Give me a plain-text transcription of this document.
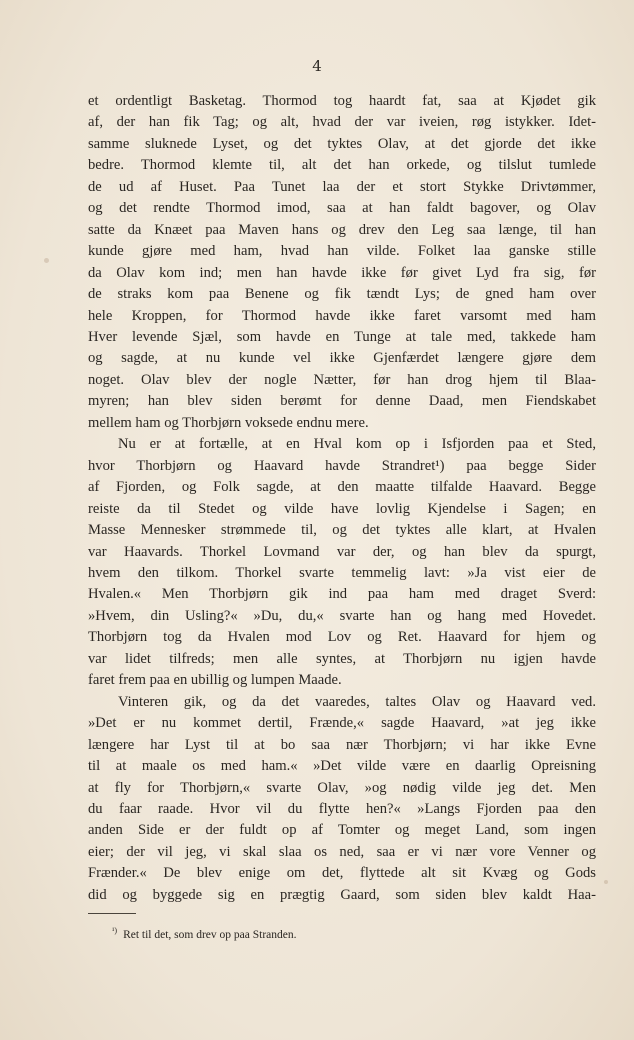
4
et ordentligt Basketag. Thormod tog haardt fat, saa at Kjødet gik
af, der han fik Tag; og alt, hvad der var iveien, røg istykker. Idet-
samme sluknede Lyset, og det tyktes Olav, at det gjorde det ikke
bedre. Thormod klemte til, alt det han orkede, og tilslut tumlede
de ud af Huset. Paa Tunet laa der et stort Stykke Drivtømmer,
og det rendte Thormod imod, saa at han faldt bagover, og Olav
satte da Knæet paa Maven hans og drev den Leg saa længe, til han
kunde gjøre med ham, hvad han vilde. Folket laa ganske stille
da Olav kom ind; men han havde ikke før givet Lyd fra sig, før
de straks kom paa Benene og fik tændt Lys; de gned ham over
hele Kroppen, for Thormod havde ikke faret varsomt med ham
Hver levende Sjæl, som havde en Tunge at tale med, takkede ham
og sagde, at nu kunde vel ikke Gjenfærdet længere gjøre dem
noget. Olav blev der nogle Nætter, før han drog hjem til Blaa-
myren; han blev siden berømt for denne Daad, men Fiendskabet
mellem ham og Thorbjørn voksede endnu mere.
Nu er at fortælle, at en Hval kom op i Isfjorden paa et Sted,
hvor Thorbjørn og Haavard havde Strandret¹) paa begge Sider
af Fjorden, og Folk sagde, at den maatte tilfalde Haavard. Begge
reiste da til Stedet og vilde have lovlig Kjendelse i Sagen; en
Masse Mennesker strømmede til, og det tyktes alle klart, at Hvalen
var Haavards. Thorkel Lovmand var der, og han blev da spurgt,
hvem den tilkom. Thorkel svarte temmelig lavt: »Ja vist eier de
Hvalen.« Men Thorbjørn gik ind paa ham med draget Sverd:
»Hvem, din Usling?« »Du, du,« svarte han og hang med Hovedet.
Thorbjørn tog da Hvalen mod Lov og Ret. Haavard for hjem og
var lidet tilfreds; men alle syntes, at Thorbjørn nu igjen havde
faret frem paa en ubillig og lumpen Maade.
Vinteren gik, og da det vaaredes, taltes Olav og Haavard ved.
»Det er nu kommet dertil, Frænde,« sagde Haavard, »at jeg ikke
længere har Lyst til at bo saa nær Thorbjørn; vi har ikke Evne
til at maale os med ham.« »Det vilde være en daarlig Opreisning
at fly for Thorbjørn,« svarte Olav, »og nødig vilde jeg det. Men
du faar raade. Hvor vil du flytte hen?« »Langs Fjorden paa den
anden Side er der fuldt op af Tomter og meget Land, som ingen
eier; der vil jeg, vi skal slaa os ned, saa er vi nær vore Venner og
Frænder.« De blev enige om det, flyttede alt sit Kvæg og Gods
did og byggede sig en prægtig Gaard, som siden blev kaldt Haa-
$^{^1)}$ Ret til det, som drev op paa Stranden.
